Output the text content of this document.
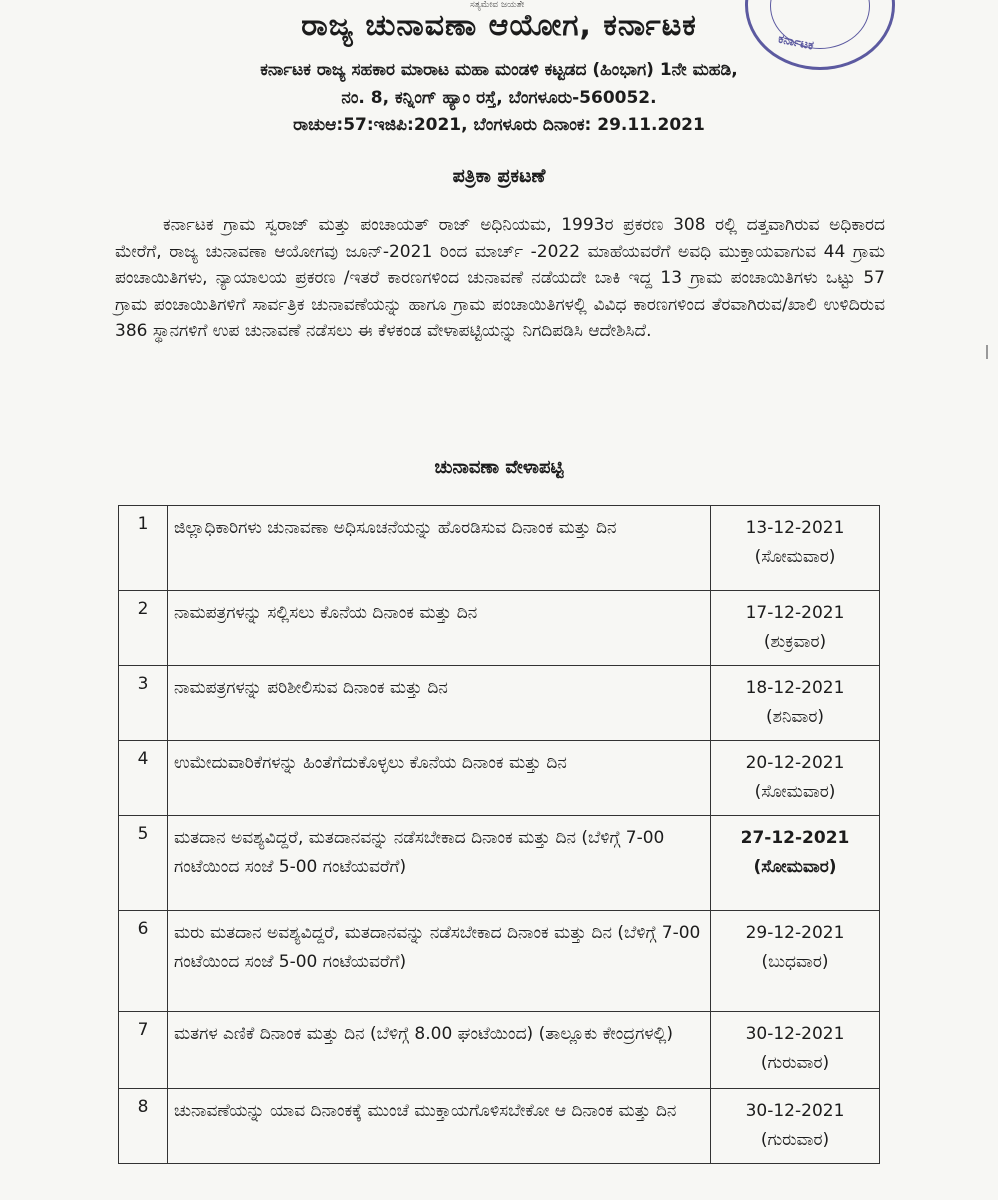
ಸತ್ಯಮೇವ ಜಯತೇ
ಕರ್ನಾಟಕ
ರಾಜ್ಯ ಚುನಾವಣಾ ಆಯೋಗ, ಕರ್ನಾಟಕ
ಕರ್ನಾಟಕ ರಾಜ್ಯ ಸಹಕಾರ ಮಾರಾಟ ಮಹಾ ಮಂಡಳಿ ಕಟ್ಟಡದ (ಹಿಂಭಾಗ) 1ನೇ ಮಹಡಿ,
ನಂ. 8, ಕನ್ನಿಂಗ್ ಹ್ಯಾಂ ರಸ್ತೆ, ಬೆಂಗಳೂರು-560052.
ರಾಚುಆ:57:ಇಜಿಪಿ:2021, ಬೆಂಗಳೂರು ದಿನಾಂಕ: 29.11.2021
ಪತ್ರಿಕಾ ಪ್ರಕಟಣೆ
ಕರ್ನಾಟಕ ಗ್ರಾಮ ಸ್ವರಾಜ್ ಮತ್ತು ಪಂಚಾಯತ್ ರಾಜ್ ಅಧಿನಿಯಮ, 1993ರ ಪ್ರಕರಣ 308 ರಲ್ಲಿ ದತ್ತವಾಗಿರುವ ಅಧಿಕಾರದ ಮೇರೆಗೆ, ರಾಜ್ಯ ಚುನಾವಣಾ ಆಯೋಗವು ಜೂನ್-2021 ರಿಂದ ಮಾರ್ಚ್ -2022 ಮಾಹೆಯವರೆಗೆ ಅವಧಿ ಮುಕ್ತಾಯವಾಗುವ 44 ಗ್ರಾಮ ಪಂಚಾಯಿತಿಗಳು, ನ್ಯಾಯಾಲಯ ಪ್ರಕರಣ /ಇತರೆ ಕಾರಣಗಳಿಂದ ಚುನಾವಣೆ ನಡೆಯದೇ ಬಾಕಿ ಇದ್ದ 13 ಗ್ರಾಮ ಪಂಚಾಯಿತಿಗಳು ಒಟ್ಟು 57 ಗ್ರಾಮ ಪಂಚಾಯಿತಿಗಳಿಗೆ ಸಾರ್ವತ್ರಿಕ ಚುನಾವಣೆಯನ್ನು ಹಾಗೂ ಗ್ರಾಮ ಪಂಚಾಯಿತಿಗಳಲ್ಲಿ ವಿವಿಧ ಕಾರಣಗಳಿಂದ ತೆರವಾಗಿರುವ/ಖಾಲಿ ಉಳಿದಿರುವ 386 ಸ್ಥಾನಗಳಿಗೆ ಉಪ ಚುನಾವಣೆ ನಡೆಸಲು ಈ ಕೆಳಕಂಡ ವೇಳಾಪಟ್ಟಿಯನ್ನು ನಿಗದಿಪಡಿಸಿ ಆದೇಶಿಸಿದೆ.
ಚುನಾವಣಾ ವೇಳಾಪಟ್ಟಿ
1	ಜಿಲ್ಲಾಧಿಕಾರಿಗಳು ಚುನಾವಣಾ ಅಧಿಸೂಚನೆಯನ್ನು ಹೊರಡಿಸುವ ದಿನಾಂಕ ಮತ್ತು ದಿನ	13-12-2021
(ಸೋಮವಾರ)

2	ನಾಮಪತ್ರಗಳನ್ನು ಸಲ್ಲಿಸಲು ಕೊನೆಯ ದಿನಾಂಕ ಮತ್ತು ದಿನ	17-12-2021
(ಶುಕ್ರವಾರ)

3	ನಾಮಪತ್ರಗಳನ್ನು ಪರಿಶೀಲಿಸುವ ದಿನಾಂಕ ಮತ್ತು ದಿನ	18-12-2021
(ಶನಿವಾರ)

4	ಉಮೇದುವಾರಿಕೆಗಳನ್ನು ಹಿಂತೆಗೆದುಕೊಳ್ಳಲು ಕೊನೆಯ ದಿನಾಂಕ ಮತ್ತು ದಿನ	20-12-2021
(ಸೋಮವಾರ)

5	ಮತದಾನ ಅವಶ್ಯವಿದ್ದರೆ, ಮತದಾನವನ್ನು ನಡೆಸಬೇಕಾದ ದಿನಾಂಕ ಮತ್ತು ದಿನ (ಬೆಳಿಗ್ಗೆ 7-00 ಗಂಟೆಯಿಂದ ಸಂಜೆ 5-00 ಗಂಟೆಯವರೆಗೆ)	27-12-2021
(ಸೋಮವಾರ)

6	ಮರು ಮತದಾನ ಅವಶ್ಯವಿದ್ದರೆ, ಮತದಾನವನ್ನು ನಡೆಸಬೇಕಾದ ದಿನಾಂಕ ಮತ್ತು ದಿನ (ಬೆಳಿಗ್ಗೆ 7-00 ಗಂಟೆಯಿಂದ ಸಂಜೆ 5-00 ಗಂಟೆಯವರೆಗೆ)	29-12-2021
(ಬುಧವಾರ)

7	ಮತಗಳ ಎಣಿಕೆ ದಿನಾಂಕ ಮತ್ತು ದಿನ (ಬೆಳಿಗ್ಗೆ 8.00 ಘಂಟೆಯಿಂದ) (ತಾಲ್ಲೂಕು ಕೇಂದ್ರಗಳಲ್ಲಿ)	30-12-2021
(ಗುರುವಾರ)

8	ಚುನಾವಣೆಯನ್ನು ಯಾವ ದಿನಾಂಕಕ್ಕೆ ಮುಂಚೆ ಮುಕ್ತಾಯಗೊಳಿಸಬೇಕೋ ಆ ದಿನಾಂಕ ಮತ್ತು ದಿನ	30-12-2021
(ಗುರುವಾರ)
